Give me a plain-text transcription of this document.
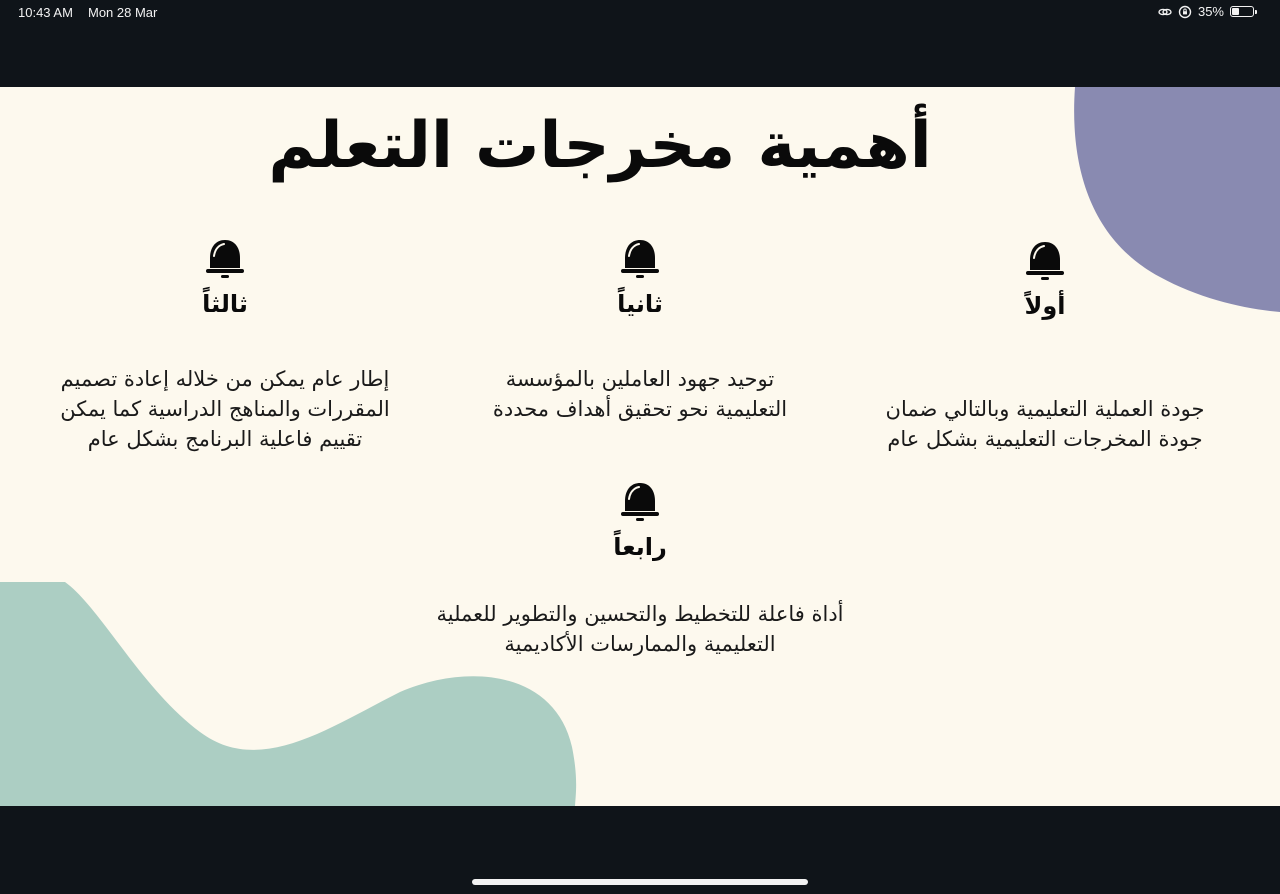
10:43 AM Mon 28 Mar	35%
أهمية مخرجات التعلم
أولاً
جودة العملية التعليمية وبالتالي ضمان جودة المخرجات التعليمية بشكل عام
ثانياً
توحيد جهود العاملين بالمؤسسة التعليمية نحو تحقيق أهداف محددة
ثالثاً
إطار عام يمكن من خلاله إعادة تصميم المقررات والمناهج الدراسية كما يمكن تقييم فاعلية البرنامج بشكل عام
رابعاً
أداة فاعلة للتخطيط والتحسين والتطوير للعملية التعليمية والممارسات الأكاديمية
